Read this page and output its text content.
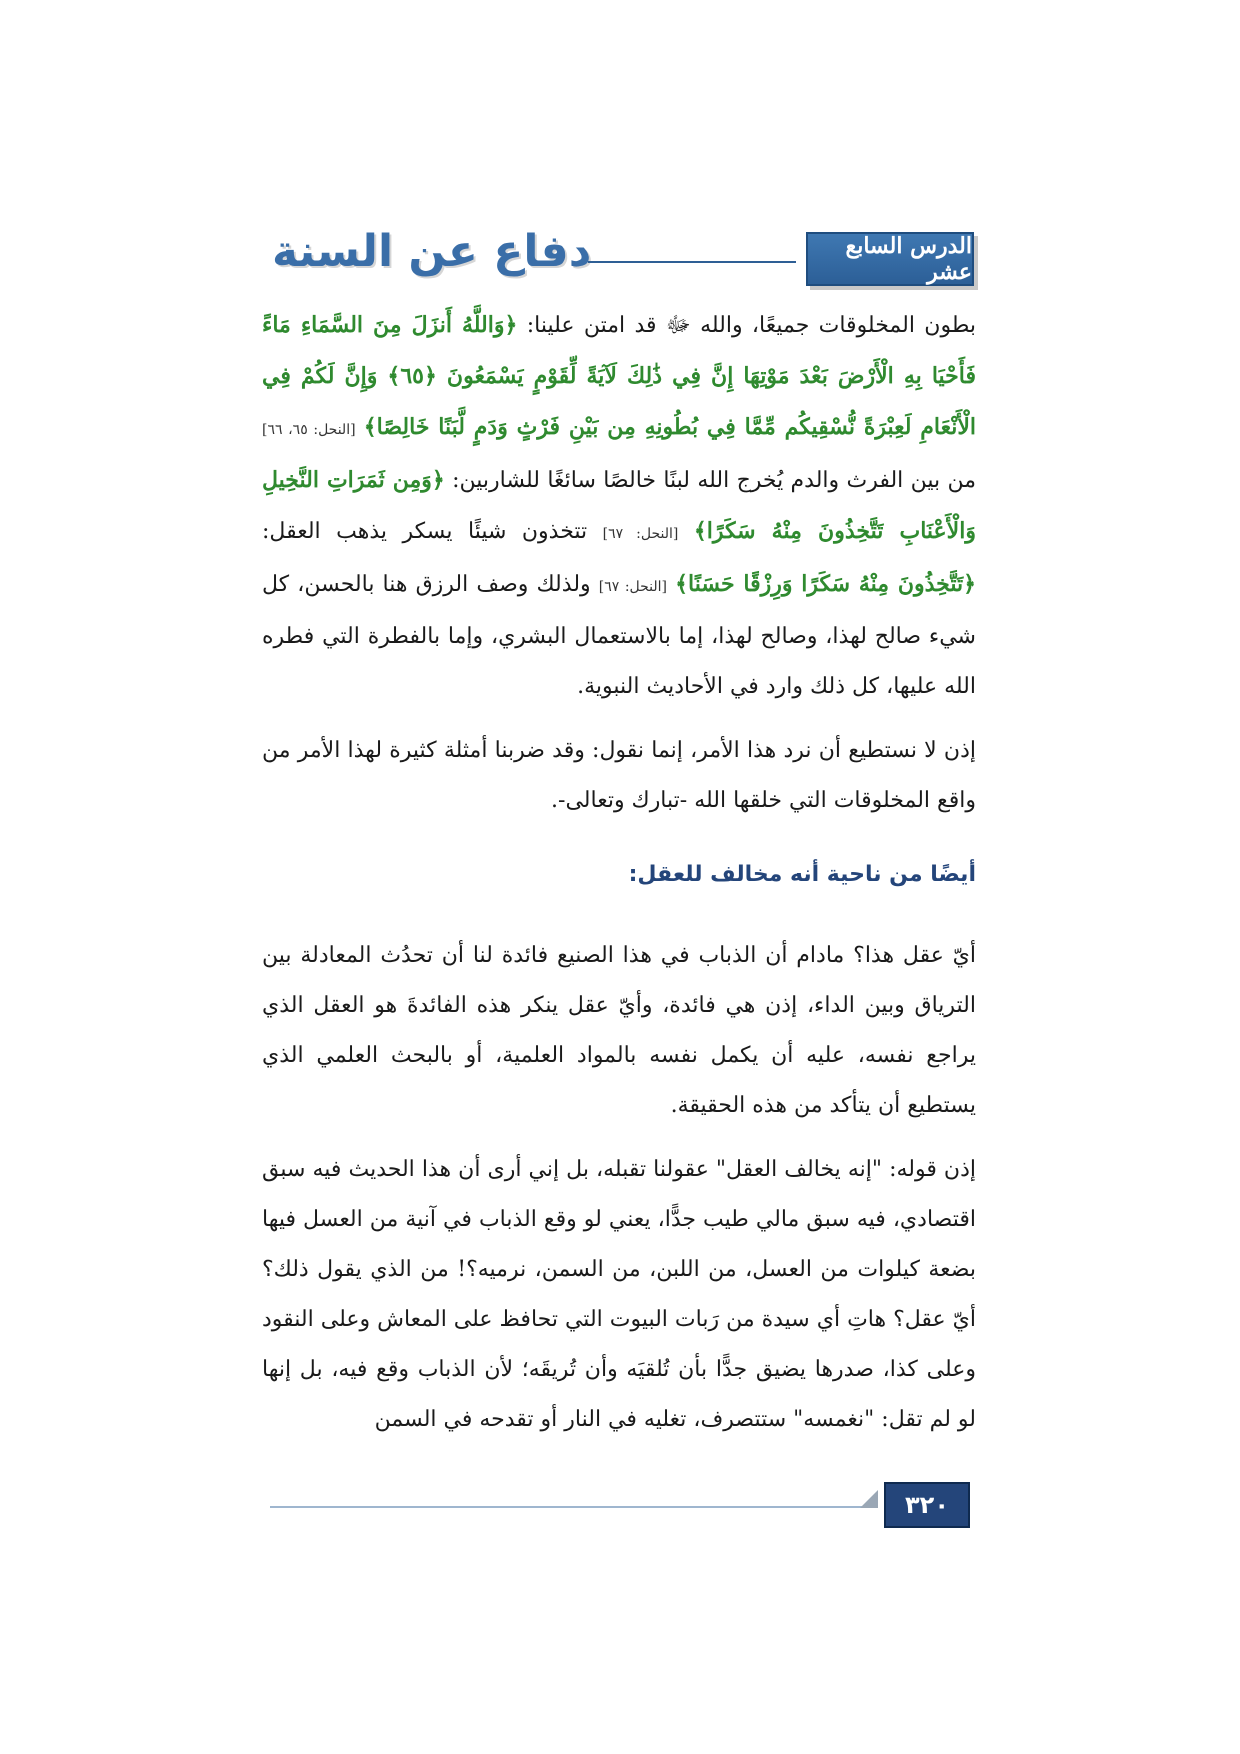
دفاع عن السنة	الدرس السابع عشر

بطون المخلوقات جميعًا، والله ﷻ قد امتن علينا: ﴿وَاللَّهُ أَنزَلَ مِنَ السَّمَاءِ مَاءً فَأَحْيَا بِهِ الْأَرْضَ بَعْدَ مَوْتِهَا إِنَّ فِي ذَٰلِكَ لَآيَةً لِّقَوْمٍ يَسْمَعُونَ ﴿٦٥﴾ وَإِنَّ لَكُمْ فِي الْأَنْعَامِ لَعِبْرَةً نُّسْقِيكُم مِّمَّا فِي بُطُونِهِ مِن بَيْنِ فَرْثٍ وَدَمٍ لَّبَنًا خَالِصًا﴾ [النحل: ٦٥، ٦٦] من بين الفرث والدم يُخرج الله لبنًا خالصًا سائغًا للشاربين: ﴿وَمِن ثَمَرَاتِ النَّخِيلِ وَالْأَعْنَابِ تَتَّخِذُونَ مِنْهُ سَكَرًا﴾ [النحل: ٦٧] تتخذون شيئًا يسكر يذهب العقل: ﴿تَتَّخِذُونَ مِنْهُ سَكَرًا وَرِزْقًا حَسَنًا﴾ [النحل: ٦٧] ولذلك وصف الرزق هنا بالحسن، كل شيء صالح لهذا، وصالح لهذا، إما بالاستعمال البشري، وإما بالفطرة التي فطره الله عليها، كل ذلك وارد في الأحاديث النبوية.

إذن لا نستطيع أن نرد هذا الأمر، إنما نقول: وقد ضربنا أمثلة كثيرة لهذا الأمر من واقع المخلوقات التي خلقها الله -تبارك وتعالى-.

أيضًا من ناحية أنه مخالف للعقل:

أيّ عقل هذا؟ مادام أن الذباب في هذا الصنيع فائدة لنا أن تحدُث المعادلة بين الترياق وبين الداء، إذن هي فائدة، وأيّ عقل ينكر هذه الفائدةَ هو العقل الذي يراجع نفسه، عليه أن يكمل نفسه بالمواد العلمية، أو بالبحث العلمي الذي يستطيع أن يتأكد من هذه الحقيقة.

إذن قوله: "إنه يخالف العقل" عقولنا تقبله، بل إني أرى أن هذا الحديث فيه سبق اقتصادي، فيه سبق مالي طيب جدًّا، يعني لو وقع الذباب في آنية من العسل فيها بضعة كيلوات من العسل، من اللبن، من السمن، نرميه؟! من الذي يقول ذلك؟ أيّ عقل؟ هاتِ أي سيدة من رَبات البيوت التي تحافظ على المعاش وعلى النقود وعلى كذا، صدرها يضيق جدًّا بأن تُلقيَه وأن تُريقَه؛ لأن الذباب وقع فيه، بل إنها لو لم تقل: "نغمسه" ستتصرف، تغليه في النار أو تقدحه في السمن

٣٢٠
